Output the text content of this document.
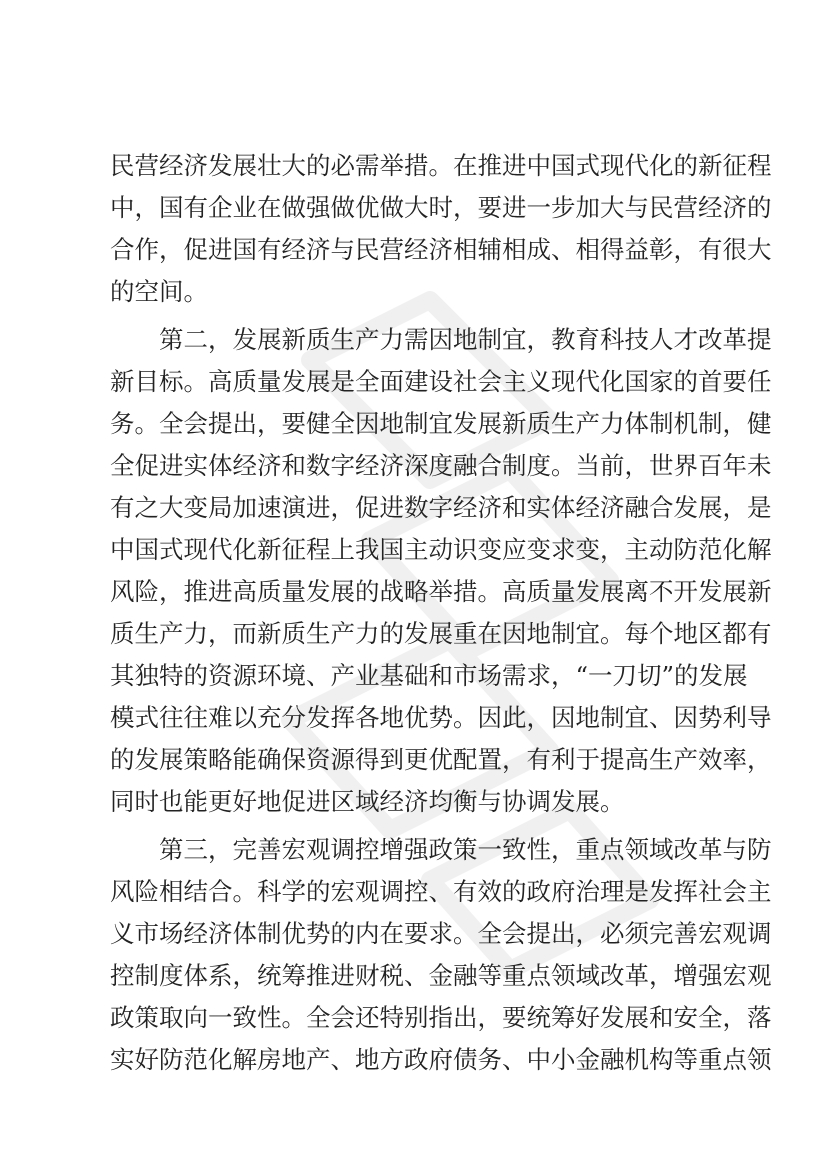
民营经济发展壮大的必需举措。在推进中国式现代化的新征程
中，国有企业在做强做优做大时，要进一步加大与民营经济的
合作，促进国有经济与民营经济相辅相成、相得益彰，有很大
的空间。
第二，发展新质生产力需因地制宜，教育科技人才改革提
新目标。高质量发展是全面建设社会主义现代化国家的首要任
务。全会提出，要健全因地制宜发展新质生产力体制机制，健
全促进实体经济和数字经济深度融合制度。当前，世界百年未
有之大变局加速演进，促进数字经济和实体经济融合发展，是
中国式现代化新征程上我国主动识变应变求变，主动防范化解
风险，推进高质量发展的战略举措。高质量发展离不开发展新
质生产力，而新质生产力的发展重在因地制宜。每个地区都有
其独特的资源环境、产业基础和市场需求，“一刀切”的发展
模式往往难以充分发挥各地优势。因此，因地制宜、因势利导
的发展策略能确保资源得到更优配置，有利于提高生产效率，
同时也能更好地促进区域经济均衡与协调发展。
第三，完善宏观调控增强政策一致性，重点领域改革与防
风险相结合。科学的宏观调控、有效的政府治理是发挥社会主
义市场经济体制优势的内在要求。全会提出，必须完善宏观调
控制度体系，统筹推进财税、金融等重点领域改革，增强宏观
政策取向一致性。全会还特别指出，要统筹好发展和安全，落
实好防范化解房地产、地方政府债务、中小金融机构等重点领
